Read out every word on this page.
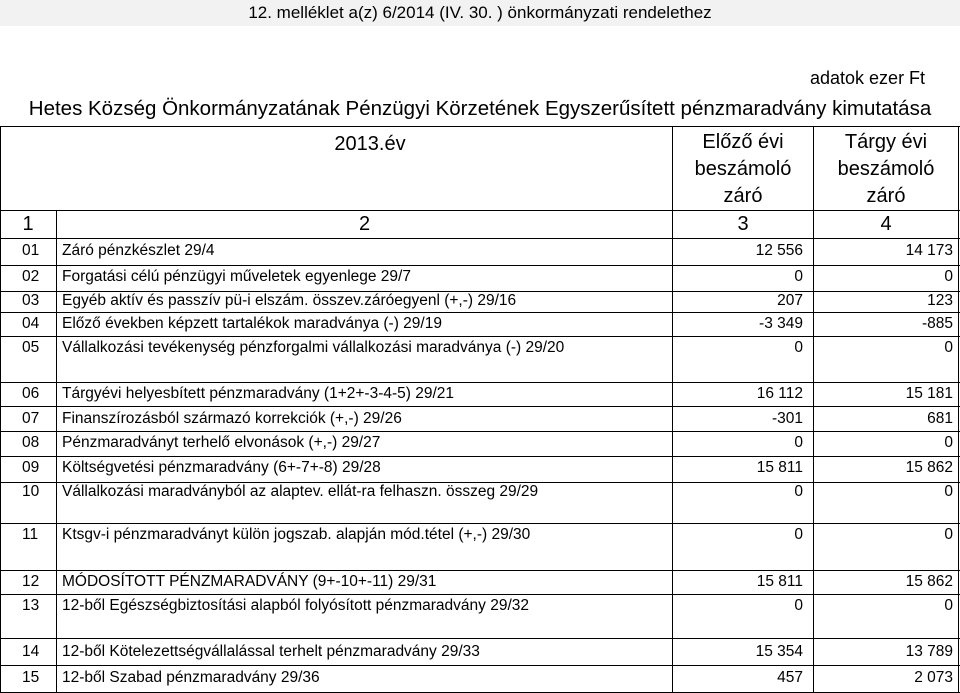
12. melléklet a(z) 6/2014 (IV. 30. ) önkormányzati rendelethez
adatok ezer Ft
Hetes Község Önkormányzatának Pénzügyi Körzetének Egyszerűsített pénzmaradvány kimutatása
2013.év	Előző évi
beszámoló
záró
Tárgy évi
beszámoló
záró
1	2	3	4
01 Záró pénzkészlet 29/4	12 556	14 173
02 Forgatási célú pénzügyi műveletek egyenlege 29/7	0	0
03 Egyéb aktív és passzív pü-i elszám. összev.záróegyenl (+,-) 29/16	207	123
04 Előző években képzett tartalékok maradványa (-) 29/19	-3 349	-885
05 Vállalkozási tevékenység pénzforgalmi vállalkozási maradványa (-) 29/20	0	0
06 Tárgyévi helyesbített pénzmaradvány (1+2+-3-4-5) 29/21	16 112	15 181
07 Finanszírozásból származó korrekciók (+,-) 29/26	-301	681
08 Pénzmaradványt terhelő elvonások (+,-) 29/27	0	0
09 Költségvetési pénzmaradvány (6+-7+-8) 29/28	15 811	15 862
10 Vállalkozási maradványból az alaptev. ellát-ra felhaszn. összeg 29/29	0	0
11 Ktsgv-i pénzmaradványt külön jogszab. alapján mód.tétel (+,-) 29/30	0	0
12 MÓDOSÍTOTT PÉNZMARADVÁNY (9+-10+-11) 29/31	15 811	15 862
13 12-ből Egészségbiztosítási alapból folyósított pénzmaradvány 29/32	0	0
14 12-ből Kötelezettségvállalással terhelt pénzmaradvány 29/33	15 354	13 789
15 12-ből Szabad pénzmaradvány 29/36	457	2 073
